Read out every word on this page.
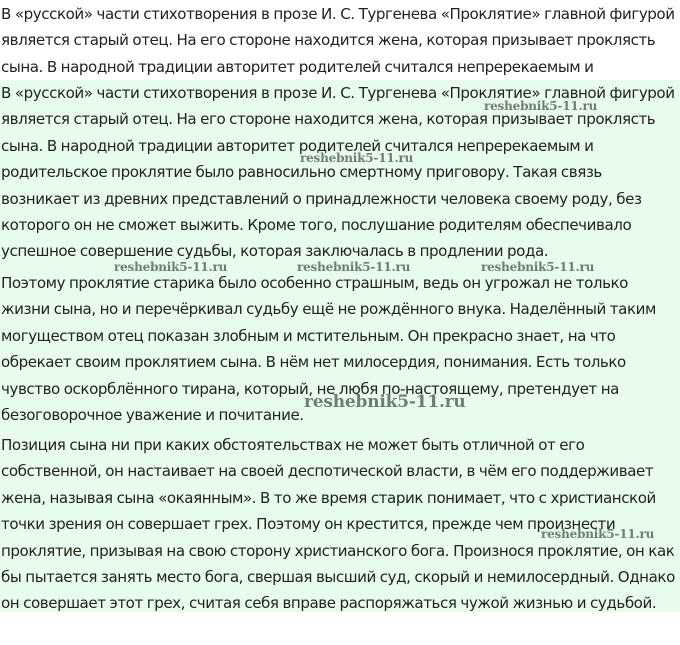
В «русской» части стихотворения в прозе И. С. Тургенева «Проклятие» главной фигурой
является старый отец. На его стороне находится жена, которая призывает проклясть
сына. В народной традиции авторитет родителей считался непререкаемым и
В «русской» части стихотворения в прозе И. С. Тургенева «Проклятие» главной фигурой
является старый отец. На его стороне находится жена, которая призывает проклясть
сына. В народной традиции авторитет родителей считался непререкаемым и
родительское проклятие было равносильно смертному приговору. Такая связь
возникает из древних представлений о принадлежности человека своему роду, без
которого он не сможет выжить. Кроме того, послушание родителям обеспечивало
успешное совершение судьбы, которая заключалась в продлении рода.
Поэтому проклятие старика было особенно страшным, ведь он угрожал не только
жизни сына, но и перечёркивал судьбу ещё не рождённого внука. Наделённый таким
могуществом отец показан злобным и мстительным. Он прекрасно знает, на что
обрекает своим проклятием сына. В нём нет милосердия, понимания. Есть только
чувство оскорблённого тирана, который, не любя по-настоящему, претендует на
безоговорочное уважение и почитание.
Позиция сына ни при каких обстоятельствах не может быть отличной от его
собственной, он настаивает на своей деспотической власти, в чём его поддерживает
жена, называя сына «окаянным». В то же время старик понимает, что с христианской
точки зрения он совершает грех. Поэтому он крестится, прежде чем произнести
проклятие, призывая на свою сторону христианского бога. Произнося проклятие, он как
бы пытается занять место бога, свершая высший суд, скорый и немилосердный. Однако
он совершает этот грех, считая себя вправе распоряжаться чужой жизнью и судьбой.
reshebnik5-11.ru
reshebnik5-11.ru
reshebnik5-11.ru	reshebnik5-11.ru	reshebnik5-11.ru
reshebnik5-11.ru
reshebnik5-11.ru
